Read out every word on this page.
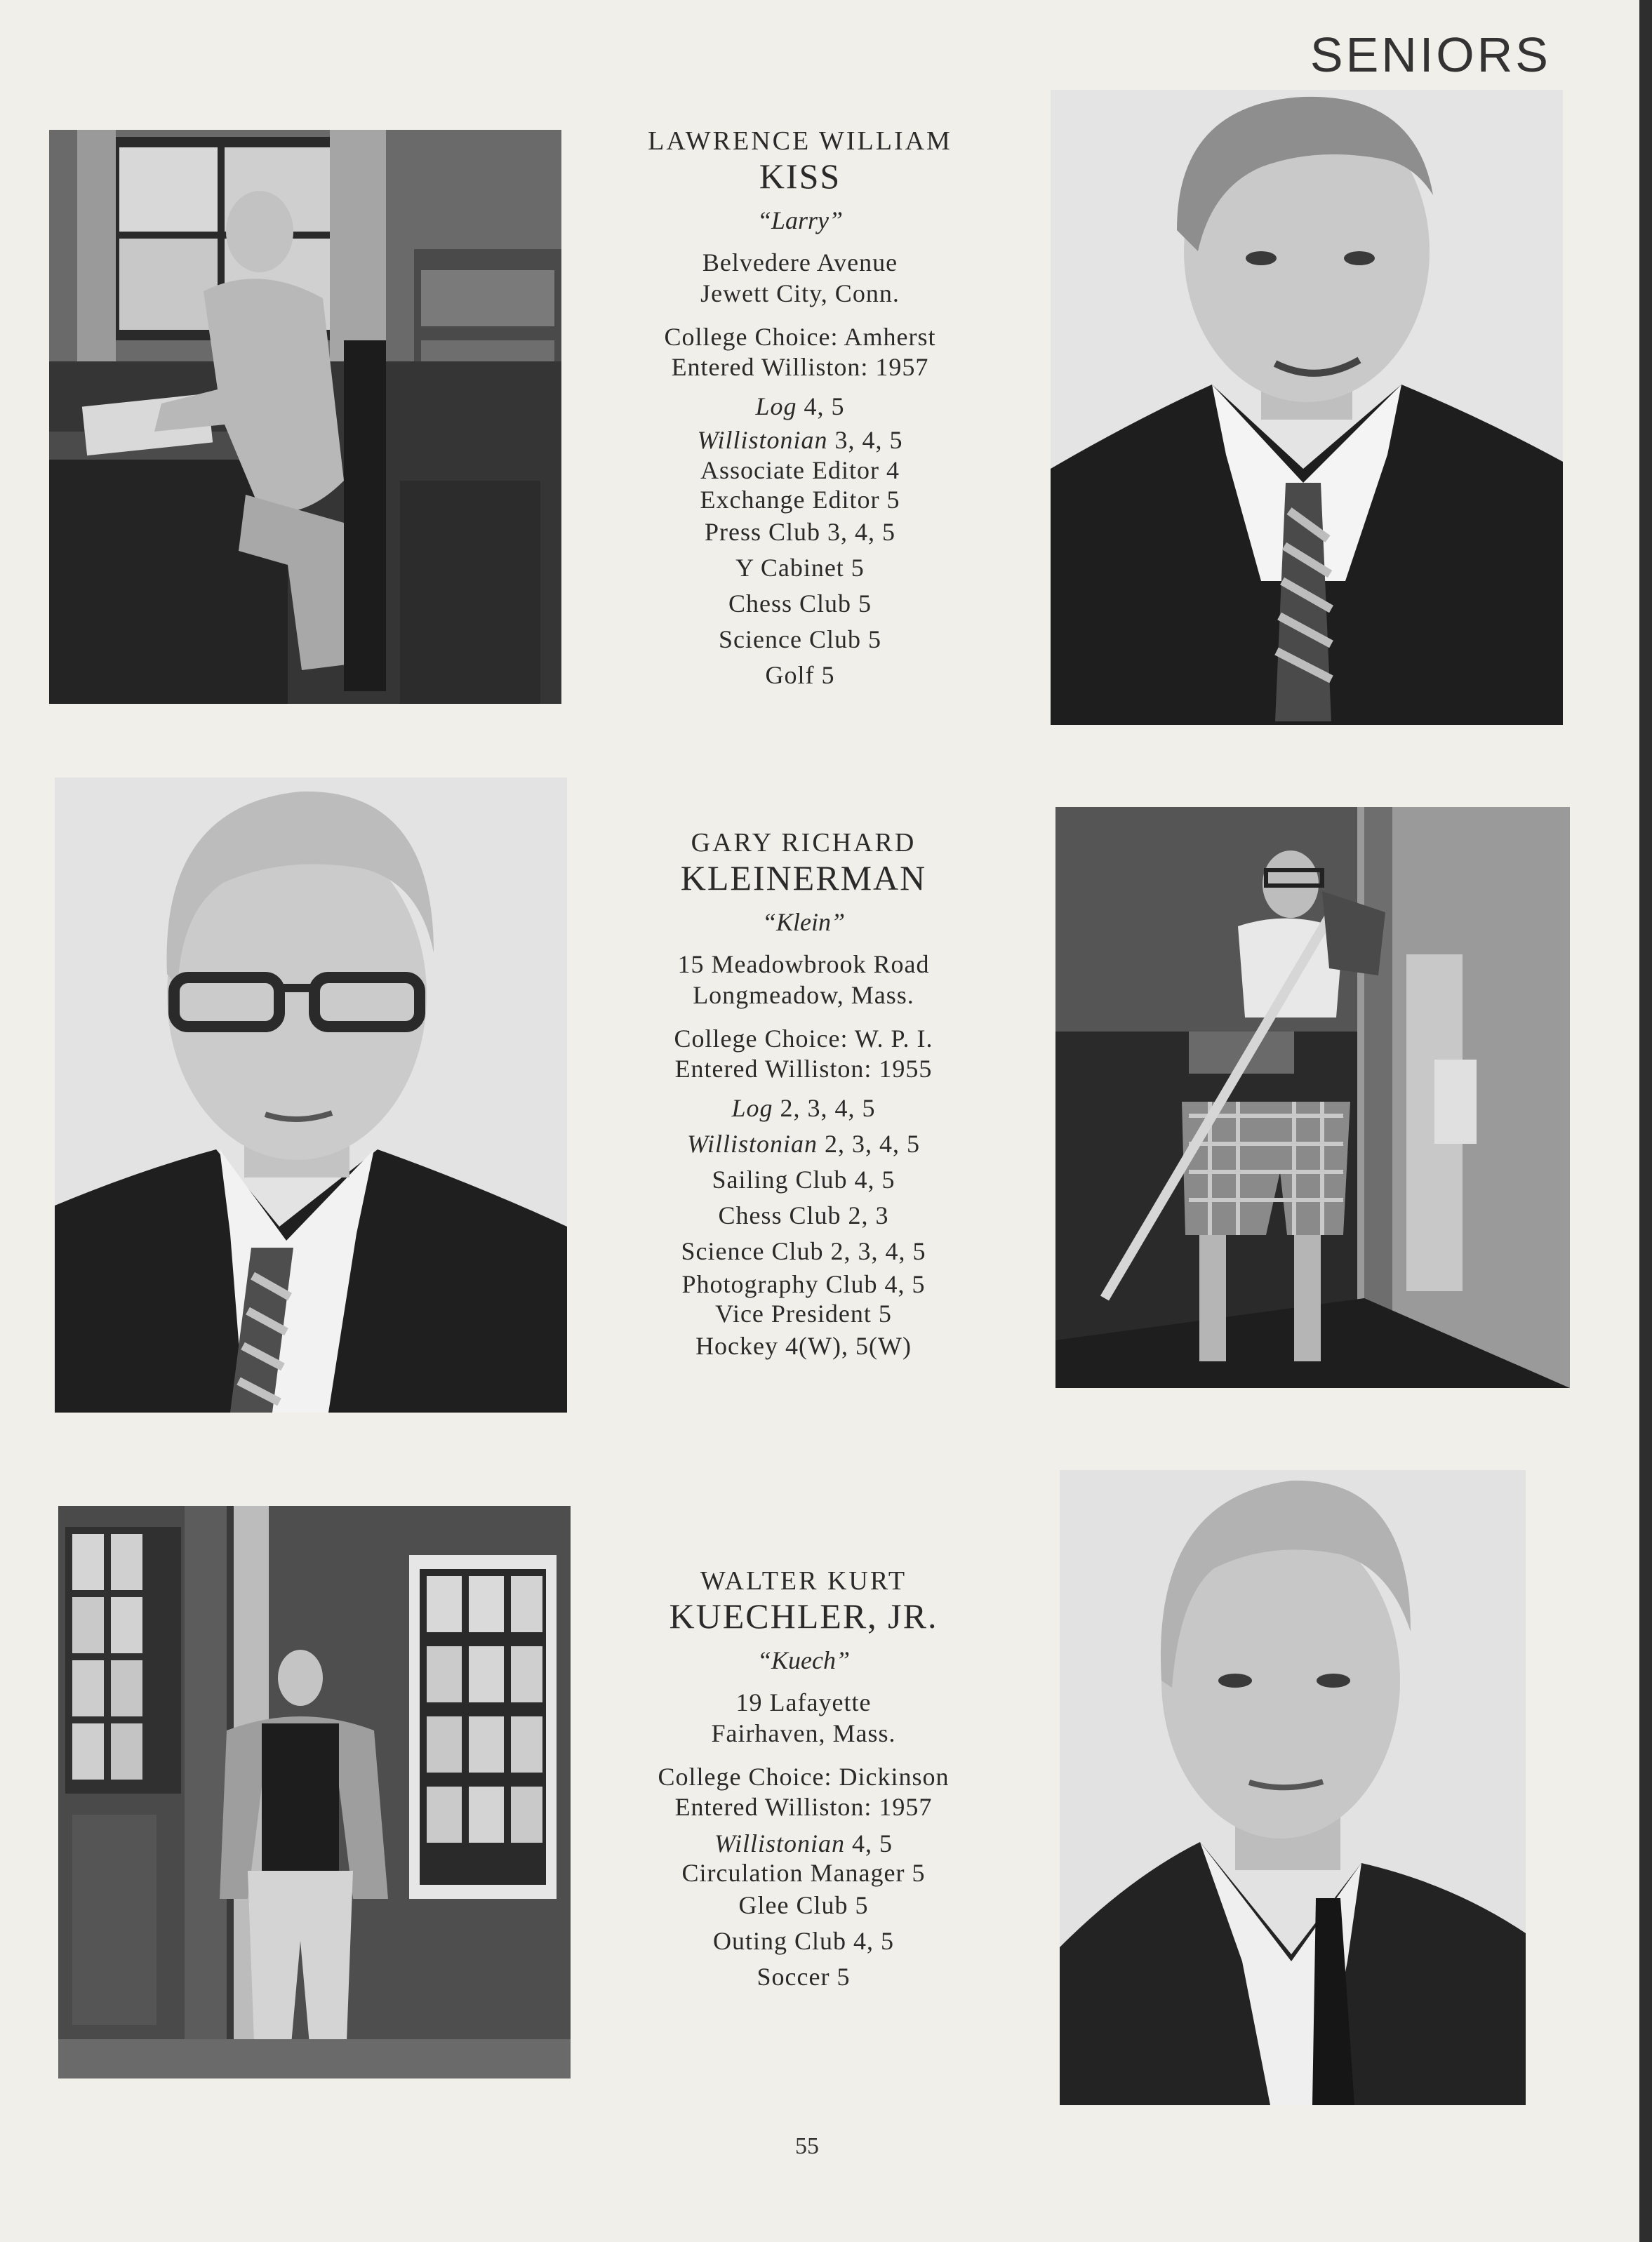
SENIORS
LAWRENCE WILLIAM
KISS
“Larry”
Belvedere Avenue
Jewett City, Conn.
College Choice: Amherst
Entered Williston: 1957
Log 4, 5
Willistonian 3, 4, 5
Associate Editor 4
Exchange Editor 5
Press Club 3, 4, 5
Y Cabinet 5
Chess Club 5
Science Club 5
Golf 5
GARY RICHARD
KLEINERMAN
“Klein”
15 Meadowbrook Road
Longmeadow, Mass.
College Choice: W. P. I.
Entered Williston: 1955
Log 2, 3, 4, 5
Willistonian 2, 3, 4, 5
Sailing Club 4, 5
Chess Club 2, 3
Science Club 2, 3, 4, 5
Photography Club 4, 5
Vice President 5
Hockey 4(W), 5(W)
WALTER KURT
KUECHLER, JR.
“Kuech”
19 Lafayette
Fairhaven, Mass.
College Choice: Dickinson
Entered Williston: 1957
Willistonian 4, 5
Circulation Manager 5
Glee Club 5
Outing Club 4, 5
Soccer 5
55
